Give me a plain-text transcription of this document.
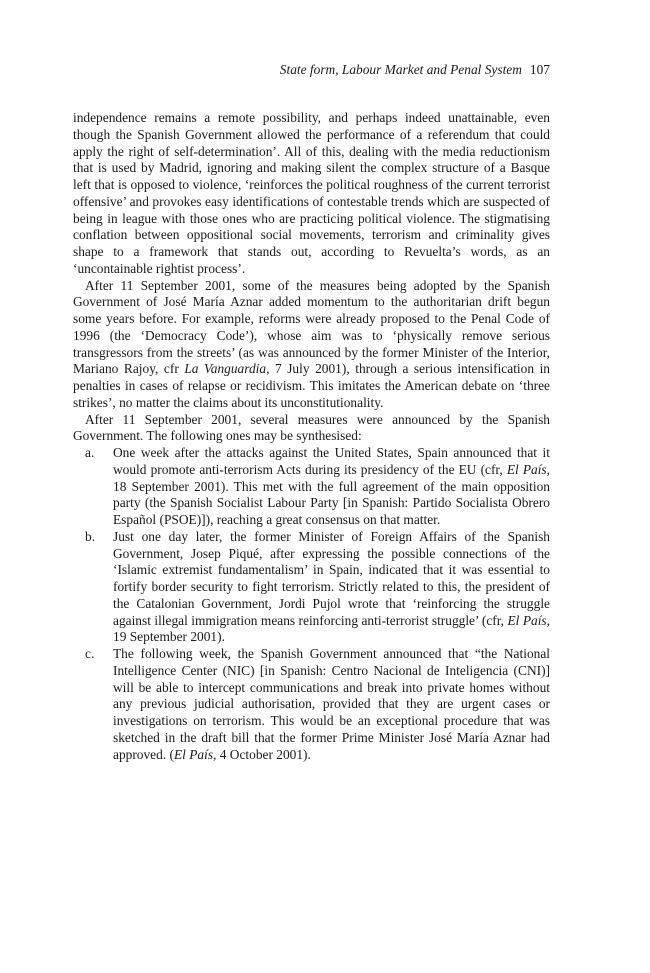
State form, Labour Market and Penal System 107

independence remains a remote possibility, and perhaps indeed unattainable, even though the Spanish Government allowed the performance of a referendum that could apply the right of self-determination’. All of this, dealing with the media reductionism that is used by Madrid, ignoring and making silent the complex structure of a Basque left that is opposed to violence, ‘reinforces the political roughness of the current terrorist offensive’ and provokes easy identifications of contestable trends which are suspected of being in league with those ones who are practicing political violence. The stigmatising conflation between oppositional social movements, terrorism and criminality gives shape to a framework that stands out, according to Revuelta’s words, as an ‘uncontainable rightist process’.

After 11 September 2001, some of the measures being adopted by the Spanish Government of José María Aznar added momentum to the authoritarian drift begun some years before. For example, reforms were already proposed to the Penal Code of 1996 (the ‘Democracy Code’), whose aim was to ‘physically remove serious transgressors from the streets’ (as was announced by the former Minister of the Interior, Mariano Rajoy, cfr La Vanguardia, 7 July 2001), through a serious intensification in penalties in cases of relapse or recidivism. This imitates the American debate on ‘three strikes’, no matter the claims about its unconstitutionality.

After 11 September 2001, several measures were announced by the Spanish Government. The following ones may be synthesised:

a. One week after the attacks against the United States, Spain announced that it would promote anti-terrorism Acts during its presidency of the EU (cfr, El País, 18 September 2001). This met with the full agreement of the main opposition party (the Spanish Socialist Labour Party [in Spanish: Partido Socialista Obrero Español (PSOE)]), reaching a great consensus on that matter.
b. Just one day later, the former Minister of Foreign Affairs of the Spanish Government, Josep Piqué, after expressing the possible connections of the ‘Islamic extremist fundamentalism’ in Spain, indicated that it was essential to fortify border security to fight terrorism. Strictly related to this, the president of the Catalonian Government, Jordi Pujol wrote that ‘reinforcing the struggle against illegal immigration means reinforcing anti-terrorist struggle’ (cfr, El País, 19 September 2001).
c. The following week, the Spanish Government announced that “the National Intelligence Center (NIC) [in Spanish: Centro Nacional de Inteligencia (CNI)] will be able to intercept communications and break into private homes without any previous judicial authorisation, provided that they are urgent cases or investigations on terrorism. This would be an exceptional procedure that was sketched in the draft bill that the former Prime Minister José María Aznar had approved. (El País, 4 October 2001).
